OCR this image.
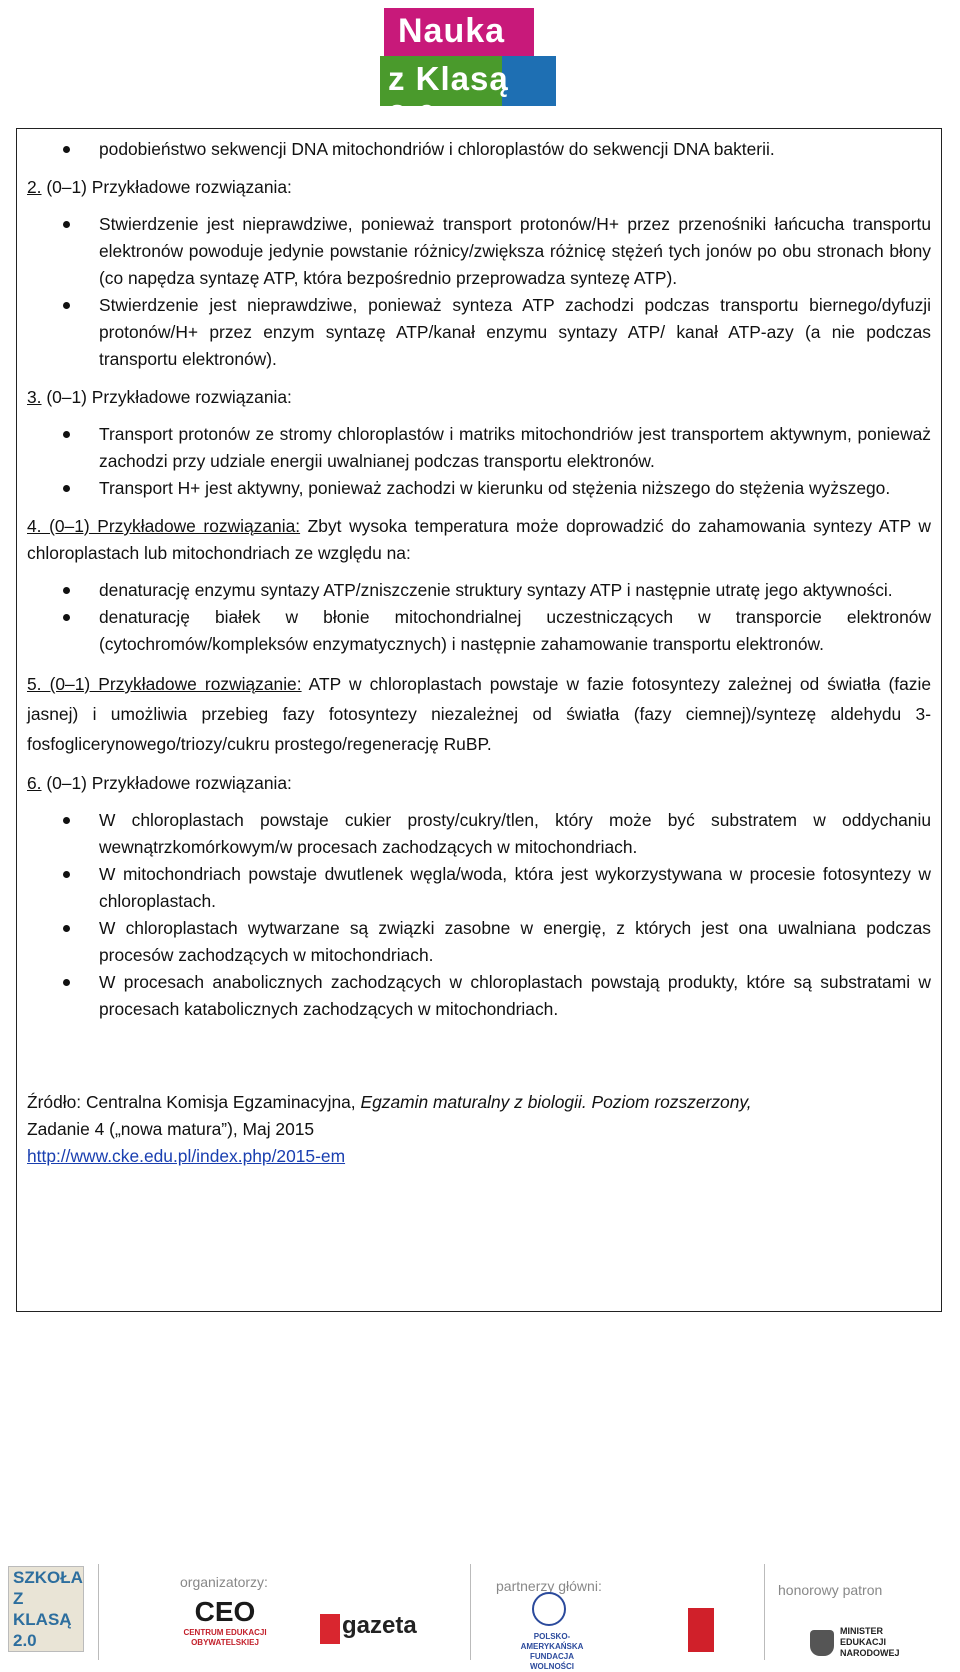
Nauka
z Klasą 2.0
podobieństwo sekwencji DNA mitochondriów i chloroplastów do sekwencji DNA bakterii.

2. (0–1) Przykładowe rozwiązania:

Stwierdzenie jest nieprawdziwe, ponieważ transport protonów/H+ przez przenośniki łańcucha transportu elektronów powoduje jedynie powstanie różnicy/zwiększa różnicę stężeń tych jonów po obu stronach błony (co napędza syntazę ATP, która bezpośrednio przeprowadza syntezę ATP).
Stwierdzenie jest nieprawdziwe, ponieważ synteza ATP zachodzi podczas transportu biernego/dyfuzji protonów/H+ przez enzym syntazę ATP/kanał enzymu syntazy ATP/ kanał ATP-azy (a nie podczas transportu elektronów).

3. (0–1) Przykładowe rozwiązania:

Transport protonów ze stromy chloroplastów i matriks mitochondriów jest transportem aktywnym, ponieważ zachodzi przy udziale energii uwalnianej podczas transportu elektronów.
Transport H+ jest aktywny, ponieważ zachodzi w kierunku od stężenia niższego do stężenia wyższego.

4. (0–1) Przykładowe rozwiązania: Zbyt wysoka temperatura może doprowadzić do zahamowania syntezy ATP w chloroplastach lub mitochondriach ze względu na:

denaturację enzymu syntazy ATP/zniszczenie struktury syntazy ATP i następnie utratę jego aktywności.
denaturację białek w błonie mitochondrialnej uczestniczących w transporcie elektronów (cytochromów/kompleksów enzymatycznych) i następnie zahamowanie transportu elektronów.

5. (0–1) Przykładowe rozwiązanie: ATP w chloroplastach powstaje w fazie fotosyntezy zależnej od światła (fazie jasnej) i umożliwia przebieg fazy fotosyntezy niezależnej od światła (fazy ciemnej)/syntezę aldehydu 3-fosfoglicerynowego/triozy/cukru prostego/regenerację RuBP.

6. (0–1) Przykładowe rozwiązania:

W chloroplastach powstaje cukier prosty/cukry/tlen, który może być substratem w oddychaniu wewnątrzkomórkowym/w procesach zachodzących w mitochondriach.
W mitochondriach powstaje dwutlenek węgla/woda, która jest wykorzystywana w procesie fotosyntezy w chloroplastach.
W chloroplastach wytwarzane są związki zasobne w energię, z których jest ona uwalniana podczas procesów zachodzących w mitochondriach.
W procesach anabolicznych zachodzących w chloroplastach powstają produkty, które są substratami w procesach katabolicznych zachodzących w mitochondriach.

Źródło: Centralna Komisja Egzaminacyjna, Egzamin maturalny z biologii. Poziom rozszerzony,

Zadanie 4 („nowa matura”), Maj 2015

http://www.cke.edu.pl/index.php/2015-em

SZKOŁA
Z KLASĄ
2.0
organizatorzy:
CEO
CENTRUM EDUKACJI OBYWATELSKIEJ
gazeta
partnerzy główni:
POLSKO-AMERYKAŃSKA FUNDACJA WOLNOŚCI
honorowy patron
MINISTER
EDUKACJI
NARODOWEJ
